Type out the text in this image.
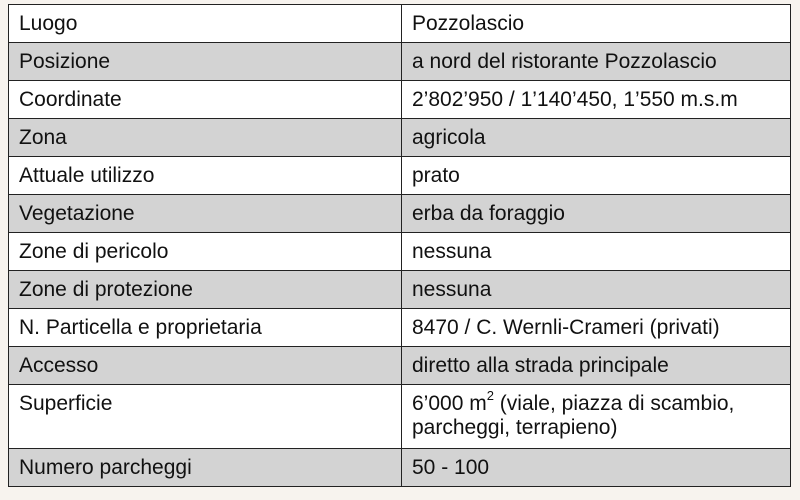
Luogo	Pozzolascio
Posizione	a nord del ristorante Pozzolascio
Coordinate	2’802’950 / 1’140’450, 1’550 m.s.m
Zona	agricola
Attuale utilizzo	prato
Vegetazione	erba da foraggio
Zone di pericolo	nessuna
Zone di protezione	nessuna
N. Particella e proprietaria	8470 / C. Wernli-Crameri (privati)
Accesso	diretto alla strada principale
Superficie	6’000 $m^2$ (viale, piazza di scambio,
parcheggi, terrapieno)
Numero parcheggi	50 - 100
